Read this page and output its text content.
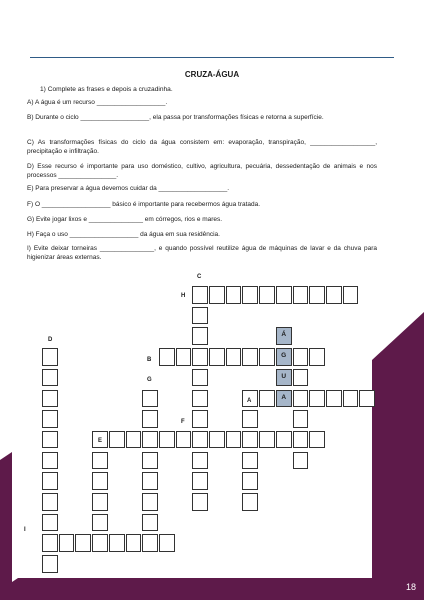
CRUZA-ÁGUA
1) Complete as frases e depois a cruzadinha.
A) A água é um recurso ___________________.
B) Durante o ciclo ___________________, ela passa por transformações físicas e retorna a superfície.
C) As transformações físicas do ciclo da água consistem em: evaporação, transpiração, __________________, precipitação e infiltração.
D) Esse recurso é importante para uso doméstico, cultivo, agricultura, pecuária, dessedentação de animais e nos processos ________________.
E) Para preservar a água devemos cuidar da ___________________.
F) O ___________________ básico é importante para recebermos água tratada.
G) Evite jogar lixos e _______________ em córregos, rios e mares.
H) Faça o uso ___________________ da água em sua residência.
I) Evite deixar torneiras _______________, e quando possível reutilize água de máquinas de lavar e da chuva para higienizar áreas externas.
G
A
Á
U
C
H
D
B
G
A
F
E
I
18
